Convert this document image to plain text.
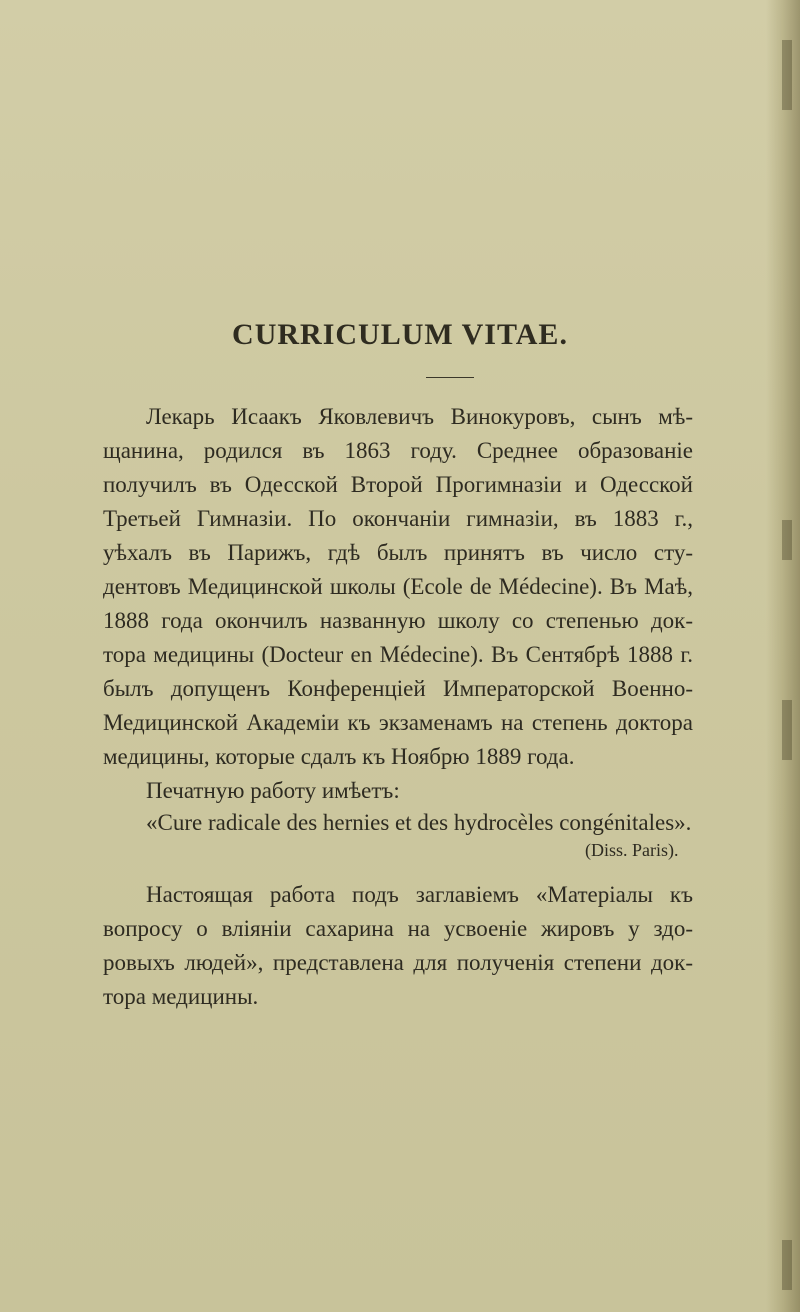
CURRICULUM VITAE.
Лекарь Исаакъ Яковлевичъ Винокуровъ, сынъ мѣ-
щанина, родился въ 1863 году. Среднее образованіе
получилъ въ Одесской Второй Прогимназіи и Одесской
Третьей Гимназіи. По окончаніи гимназіи, въ 1883 г.,
уѣхалъ въ Парижъ, гдѣ былъ принятъ въ число сту-
дентовъ Медицинской школы (Ecole de Médecine). Въ Маѣ,
1888 года окончилъ названную школу со степенью док-
тора медицины (Docteur en Médecine). Въ Сентябрѣ 1888 г.
былъ допущенъ Конференціей Императорской Военно-
Медицинской Академіи къ экзаменамъ на степень доктора
медицины, которые сдалъ къ Ноябрю 1889 года.
Печатную работу имѣетъ:
«Cure radicale des hernies et des hydrocèles congénitales».
(Diss. Paris).
Настоящая работа подъ заглавіемъ «Матеріалы къ
вопросу о вліяніи сахарина на усвоеніе жировъ у здо-
ровыхъ людей», представлена для полученія степени док-
тора медицины.
